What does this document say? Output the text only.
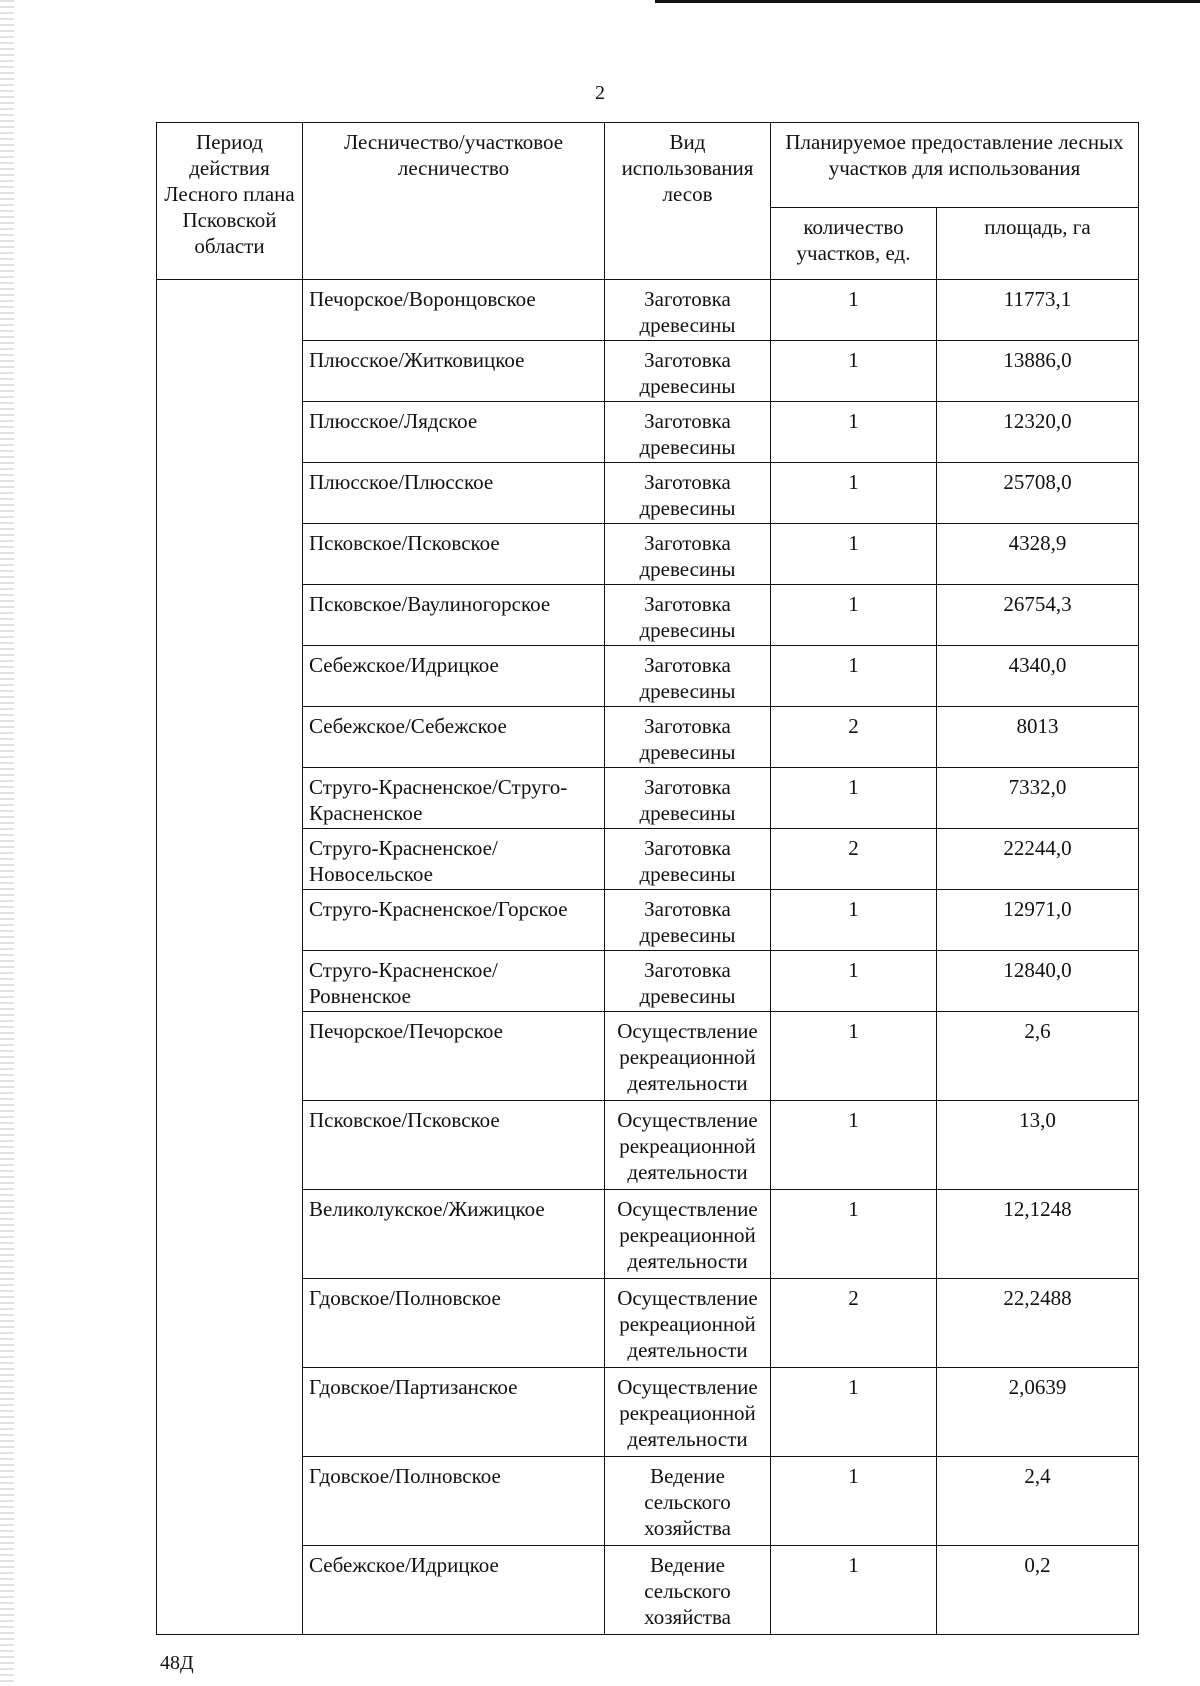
2
Период действия Лесного плана Псковской области	Лесничество/участковое лесничество	Вид использования лесов	Планируемое предоставление лесных участков для использования	
			количество участков, ед.	площадь, га
	Печорское/Воронцовское	Заготовка древесины	1	11773,1
	Плюсское/Житковицкое	Заготовка древесины	1	13886,0
	Плюсское/Лядское	Заготовка древесины	1	12320,0
	Плюсское/Плюсское	Заготовка древесины	1	25708,0
	Псковское/Псковское	Заготовка древесины	1	4328,9
	Псковское/Ваулиногорское	Заготовка древесины	1	26754,3
	Себежское/Идрицкое	Заготовка древесины	1	4340,0
	Себежское/Себежское	Заготовка древесины	2	8013
	Струго-Красненское/Струго-Красненское	Заготовка древесины	1	7332,0
	Струго-Красненское/Новосельское	Заготовка древесины	2	22244,0
	Струго-Красненское/Горское	Заготовка древесины	1	12971,0
	Струго-Красненское/Ровненское	Заготовка древесины	1	12840,0
	Печорское/Печорское	Осуществление рекреационной деятельности	1	2,6
	Псковское/Псковское	Осуществление рекреационной деятельности	1	13,0
	Великолукское/Жижицкое	Осуществление рекреационной деятельности	1	12,1248
	Гдовское/Полновское	Осуществление рекреационной деятельности	2	22,2488
	Гдовское/Партизанское	Осуществление рекреационной деятельности	1	2,0639
	Гдовское/Полновское	Ведение сельского хозяйства	1	2,4
	Себежское/Идрицкое	Ведение сельского хозяйства	1	0,2
48Д
